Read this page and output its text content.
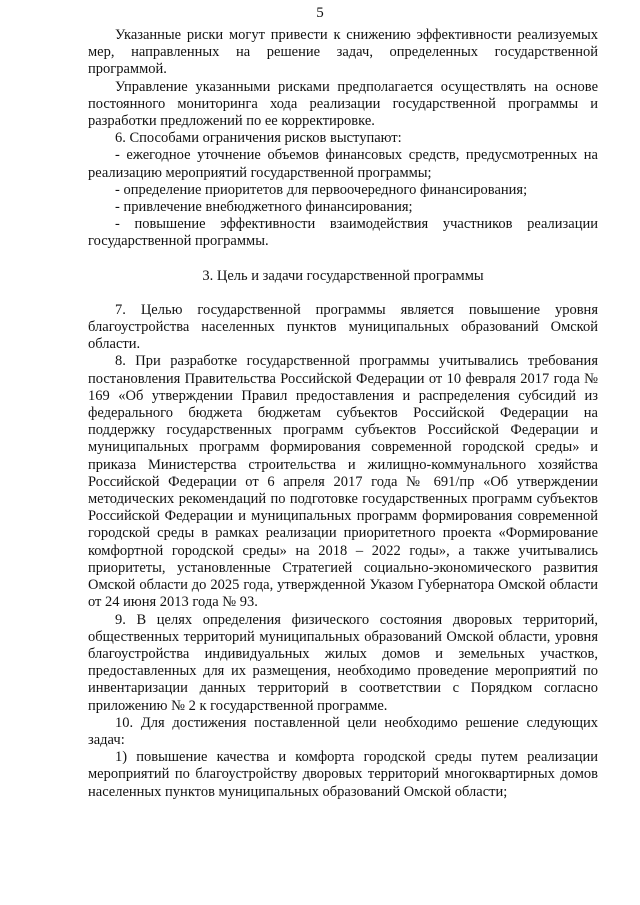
5

Указанные риски могут привести к снижению эффективности реализуемых мер, направленных на решение задач, определенных государственной программой.

Управление указанными рисками предполагается осуществлять на основе постоянного мониторинга хода реализации государственной программы и разработки предложений по ее корректировке.

6. Способами ограничения рисков выступают:

- ежегодное уточнение объемов финансовых средств, предусмотренных на реализацию мероприятий государственной программы;

- определение приоритетов для первоочередного финансирования;

- привлечение внебюджетного финансирования;

- повышение эффективности взаимодействия участников реализации государственной программы.

3. Цель и задачи государственной программы

7. Целью государственной программы является повышение уровня благоустройства населенных пунктов муниципальных образований Омской области.

8. При разработке государственной программы учитывались требования постановления Правительства Российской Федерации от 10 февраля 2017 года № 169 «Об утверждении Правил предоставления и распределения субсидий из федерального бюджета бюджетам субъектов Российской Федерации на поддержку государственных программ субъектов Российской Федерации и муниципальных программ формирования современной городской среды» и приказа Министерства строительства и жилищно-коммунального хозяйства Российской Федерации от 6 апреля 2017 года № 691/пр «Об утверждении методических рекомендаций по подготовке государственных программ субъектов Российской Федерации и муниципальных программ формирования современной городской среды в рамках реализации приоритетного проекта «Формирование комфортной городской среды» на 2018 – 2022 годы», а также учитывались приоритеты, установленные Стратегией социально-экономического развития Омской области до 2025 года, утвержденной Указом Губернатора Омской области от 24 июня 2013 года № 93.

9. В целях определения физического состояния дворовых территорий, общественных территорий муниципальных образований Омской области, уровня благоустройства индивидуальных жилых домов и земельных участков, предоставленных для их размещения, необходимо проведение мероприятий по инвентаризации данных территорий в соответствии с Порядком согласно приложению № 2 к государственной программе.

10. Для достижения поставленной цели необходимо решение следующих задач:

1) повышение качества и комфорта городской среды путем реализации мероприятий по благоустройству дворовых территорий многоквартирных домов населенных пунктов муниципальных образований Омской области;
